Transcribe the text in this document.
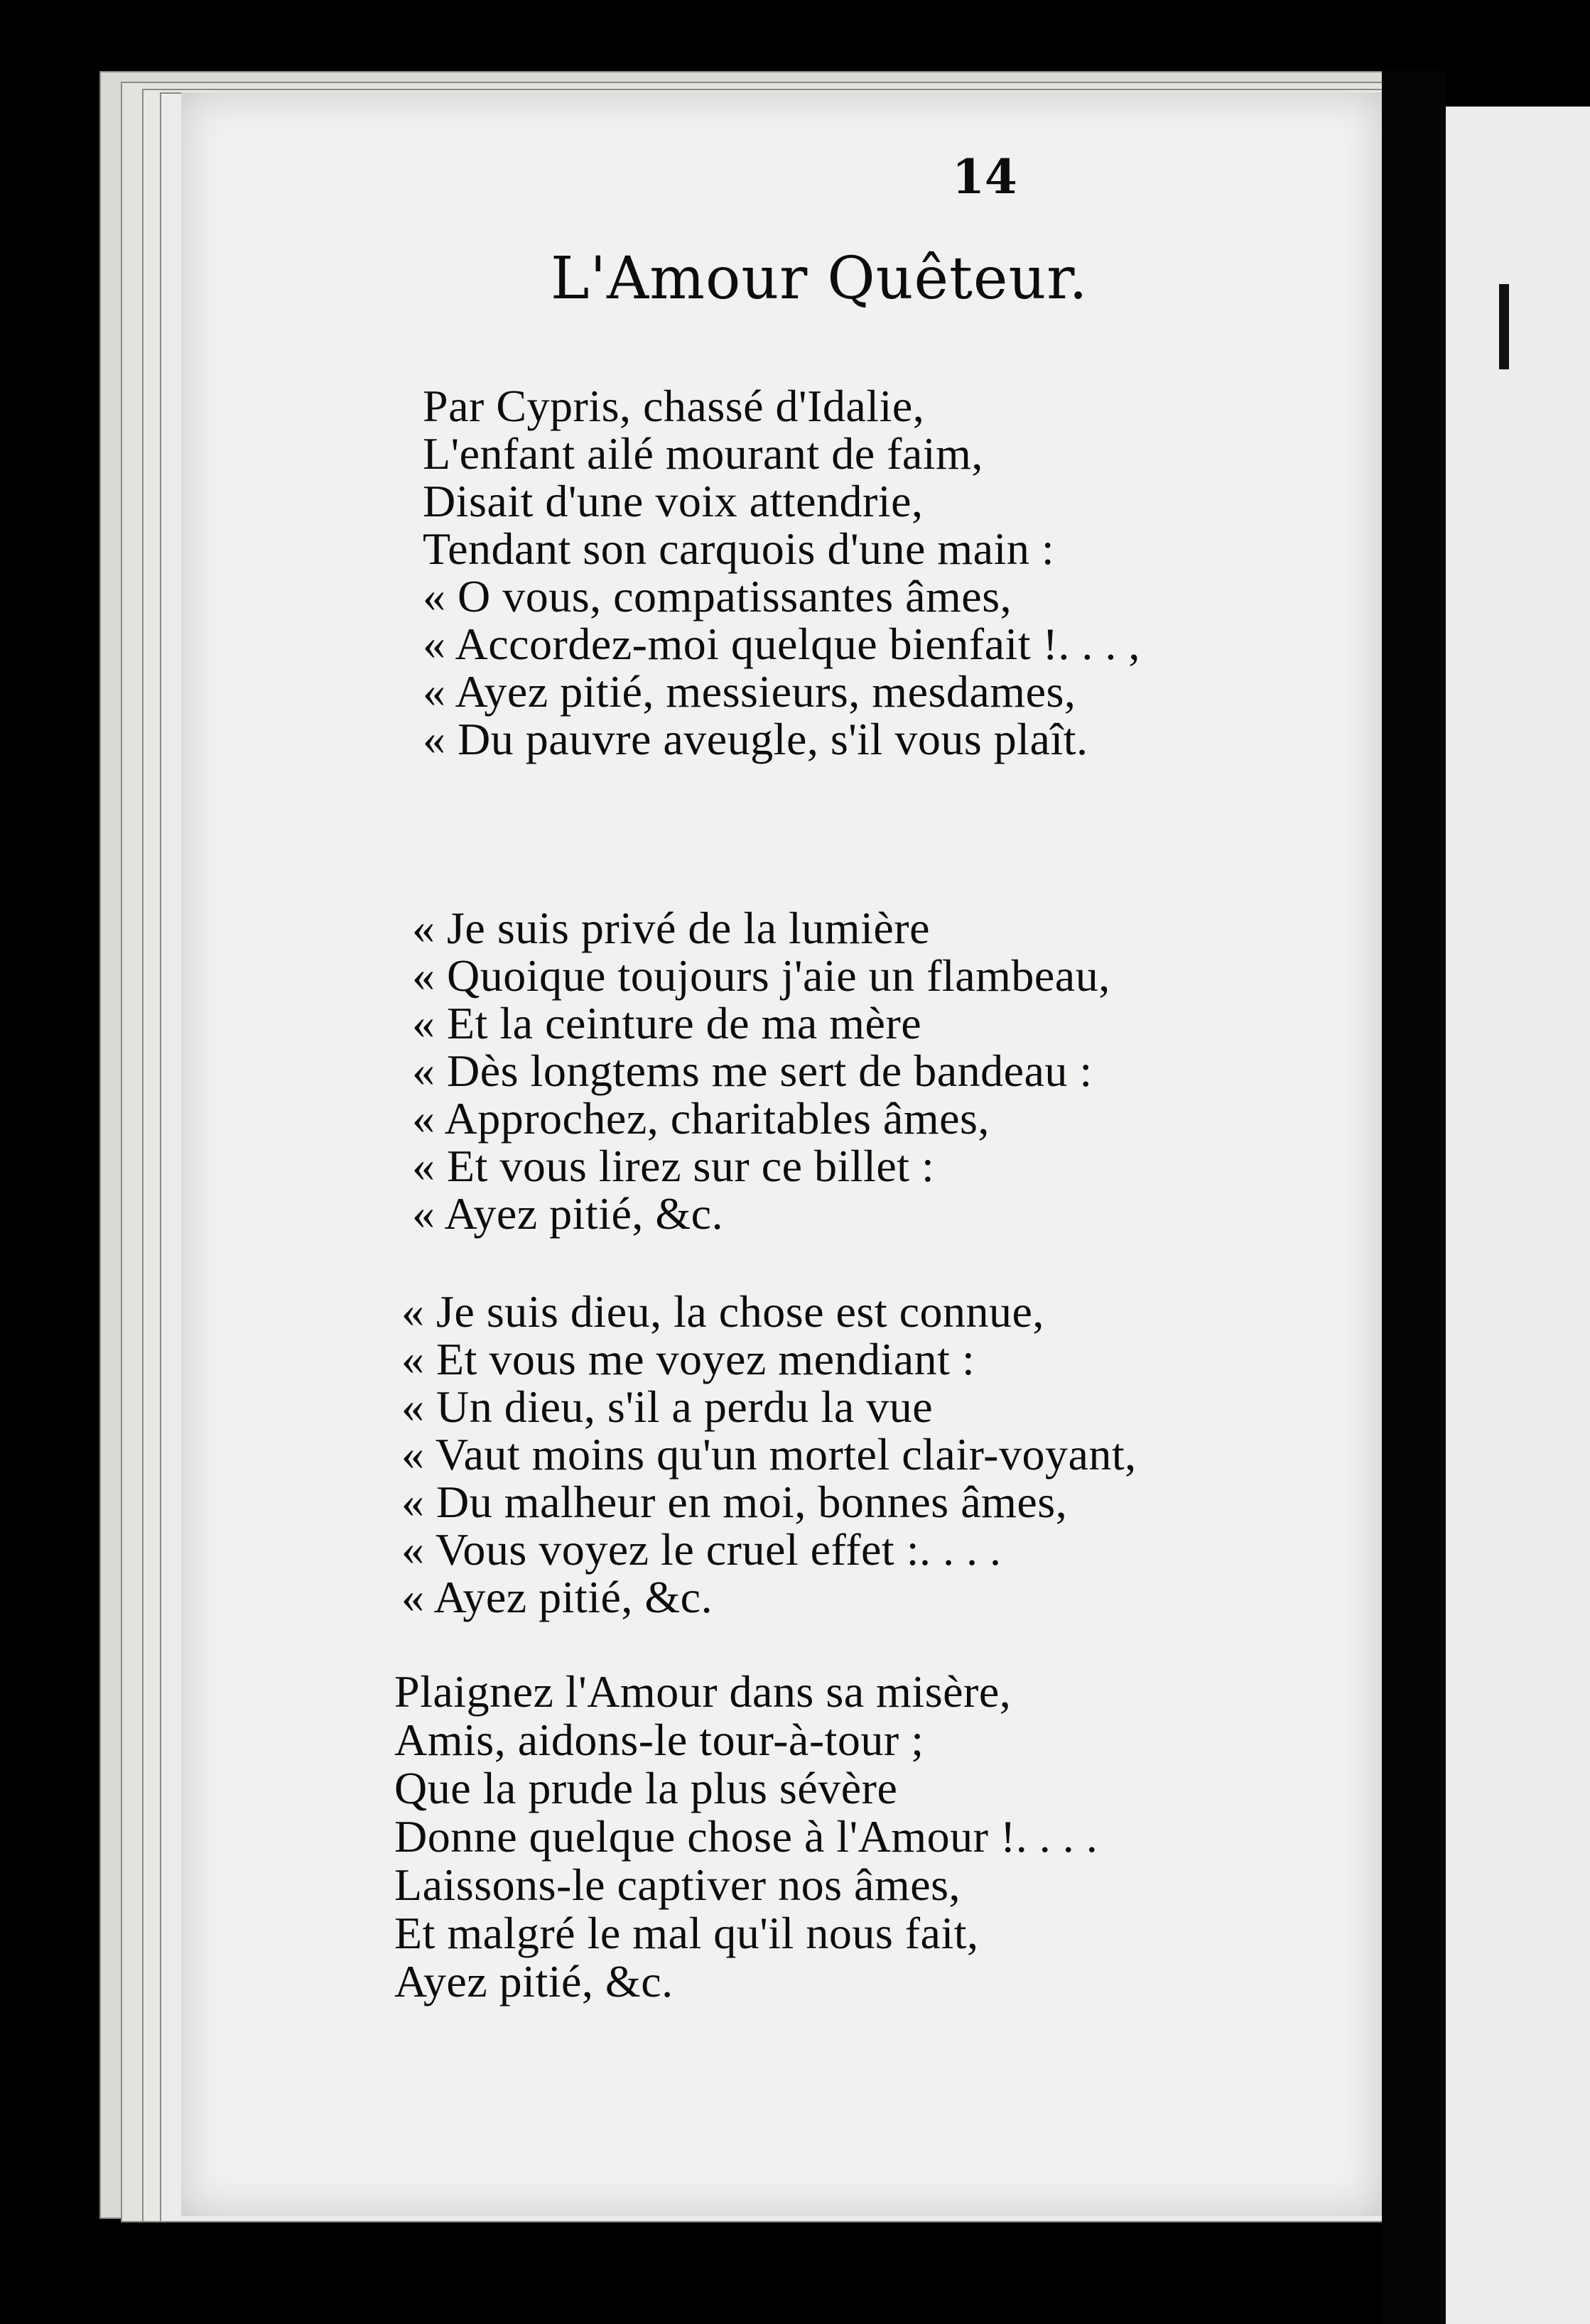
14
L'Amour Quêteur.
Par Cypris, chassé d'Idalie,
L'enfant ailé mourant de faim,
Disait d'une voix attendrie,
Tendant son carquois d'une main :
« O vous, compatissantes âmes,
« Accordez-moi quelque bienfait !. . . ,
« Ayez pitié, messieurs, mesdames,
« Du pauvre aveugle, s'il vous plaît.
« Je suis privé de la lumière
« Quoique toujours j'aie un flambeau,
« Et la ceinture de ma mère
« Dès longtems me sert de bandeau :
« Approchez, charitables âmes,
« Et vous lirez sur ce billet :
« Ayez pitié, &c.
« Je suis dieu, la chose est connue,
« Et vous me voyez mendiant :
« Un dieu, s'il a perdu la vue
« Vaut moins qu'un mortel clair-voyant,
« Du malheur en moi, bonnes âmes,
« Vous voyez le cruel effet :. . . .
« Ayez pitié, &c.
Plaignez l'Amour dans sa misère,
Amis, aidons-le tour-à-tour ;
Que la prude la plus sévère
Donne quelque chose à l'Amour !. . . .
Laissons-le captiver nos âmes,
Et malgré le mal qu'il nous fait,
Ayez pitié, &c.
